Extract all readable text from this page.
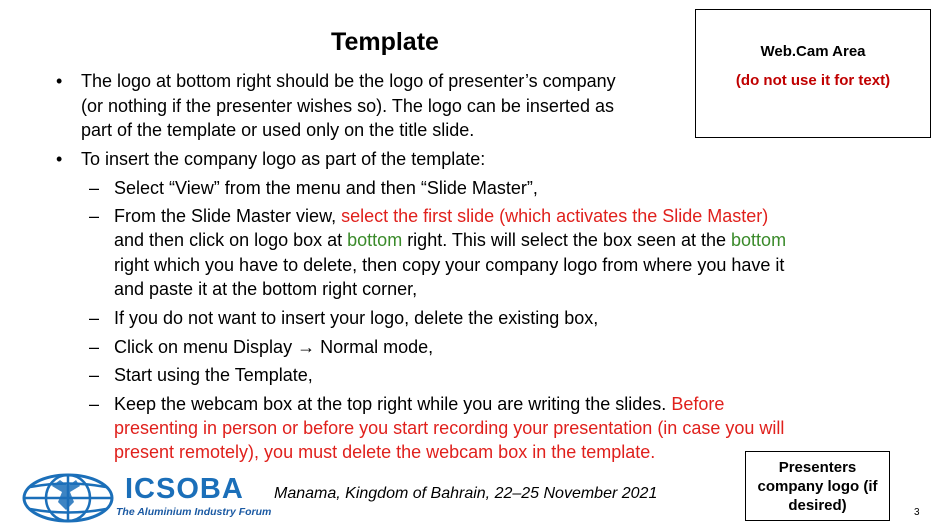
Template	Web.Cam Area
(do not use it for text)
• The logo at bottom right should be the logo of presenter’s company
(or nothing if the presenter wishes so). The logo can be inserted as
part of the template or used only on the title slide.
• To insert the company logo as part of the template:
– Select “View” from the menu and then “Slide Master”,
– From the Slide Master view, select the first slide (which activates the Slide Master)
and then click on logo box at bottom right. This will select the box seen at the bottom
right which you have to delete, then copy your company logo from where you have it
and paste it at the bottom right corner,
– If you do not want to insert your logo, delete the existing box,
– Click on menu Display → Normal mode,
– Start using the Template,
– Keep the webcam box at the top right while you are writing the slides. Before
presenting in person or before you start recording your presentation (in case you will
present remotely), you must delete the webcam box in the template.
ICSOBA
The Aluminium Industry Forum
Manama, Kingdom of Bahrain, 22–25 November 2021
Presenters company logo (if desired)	3
